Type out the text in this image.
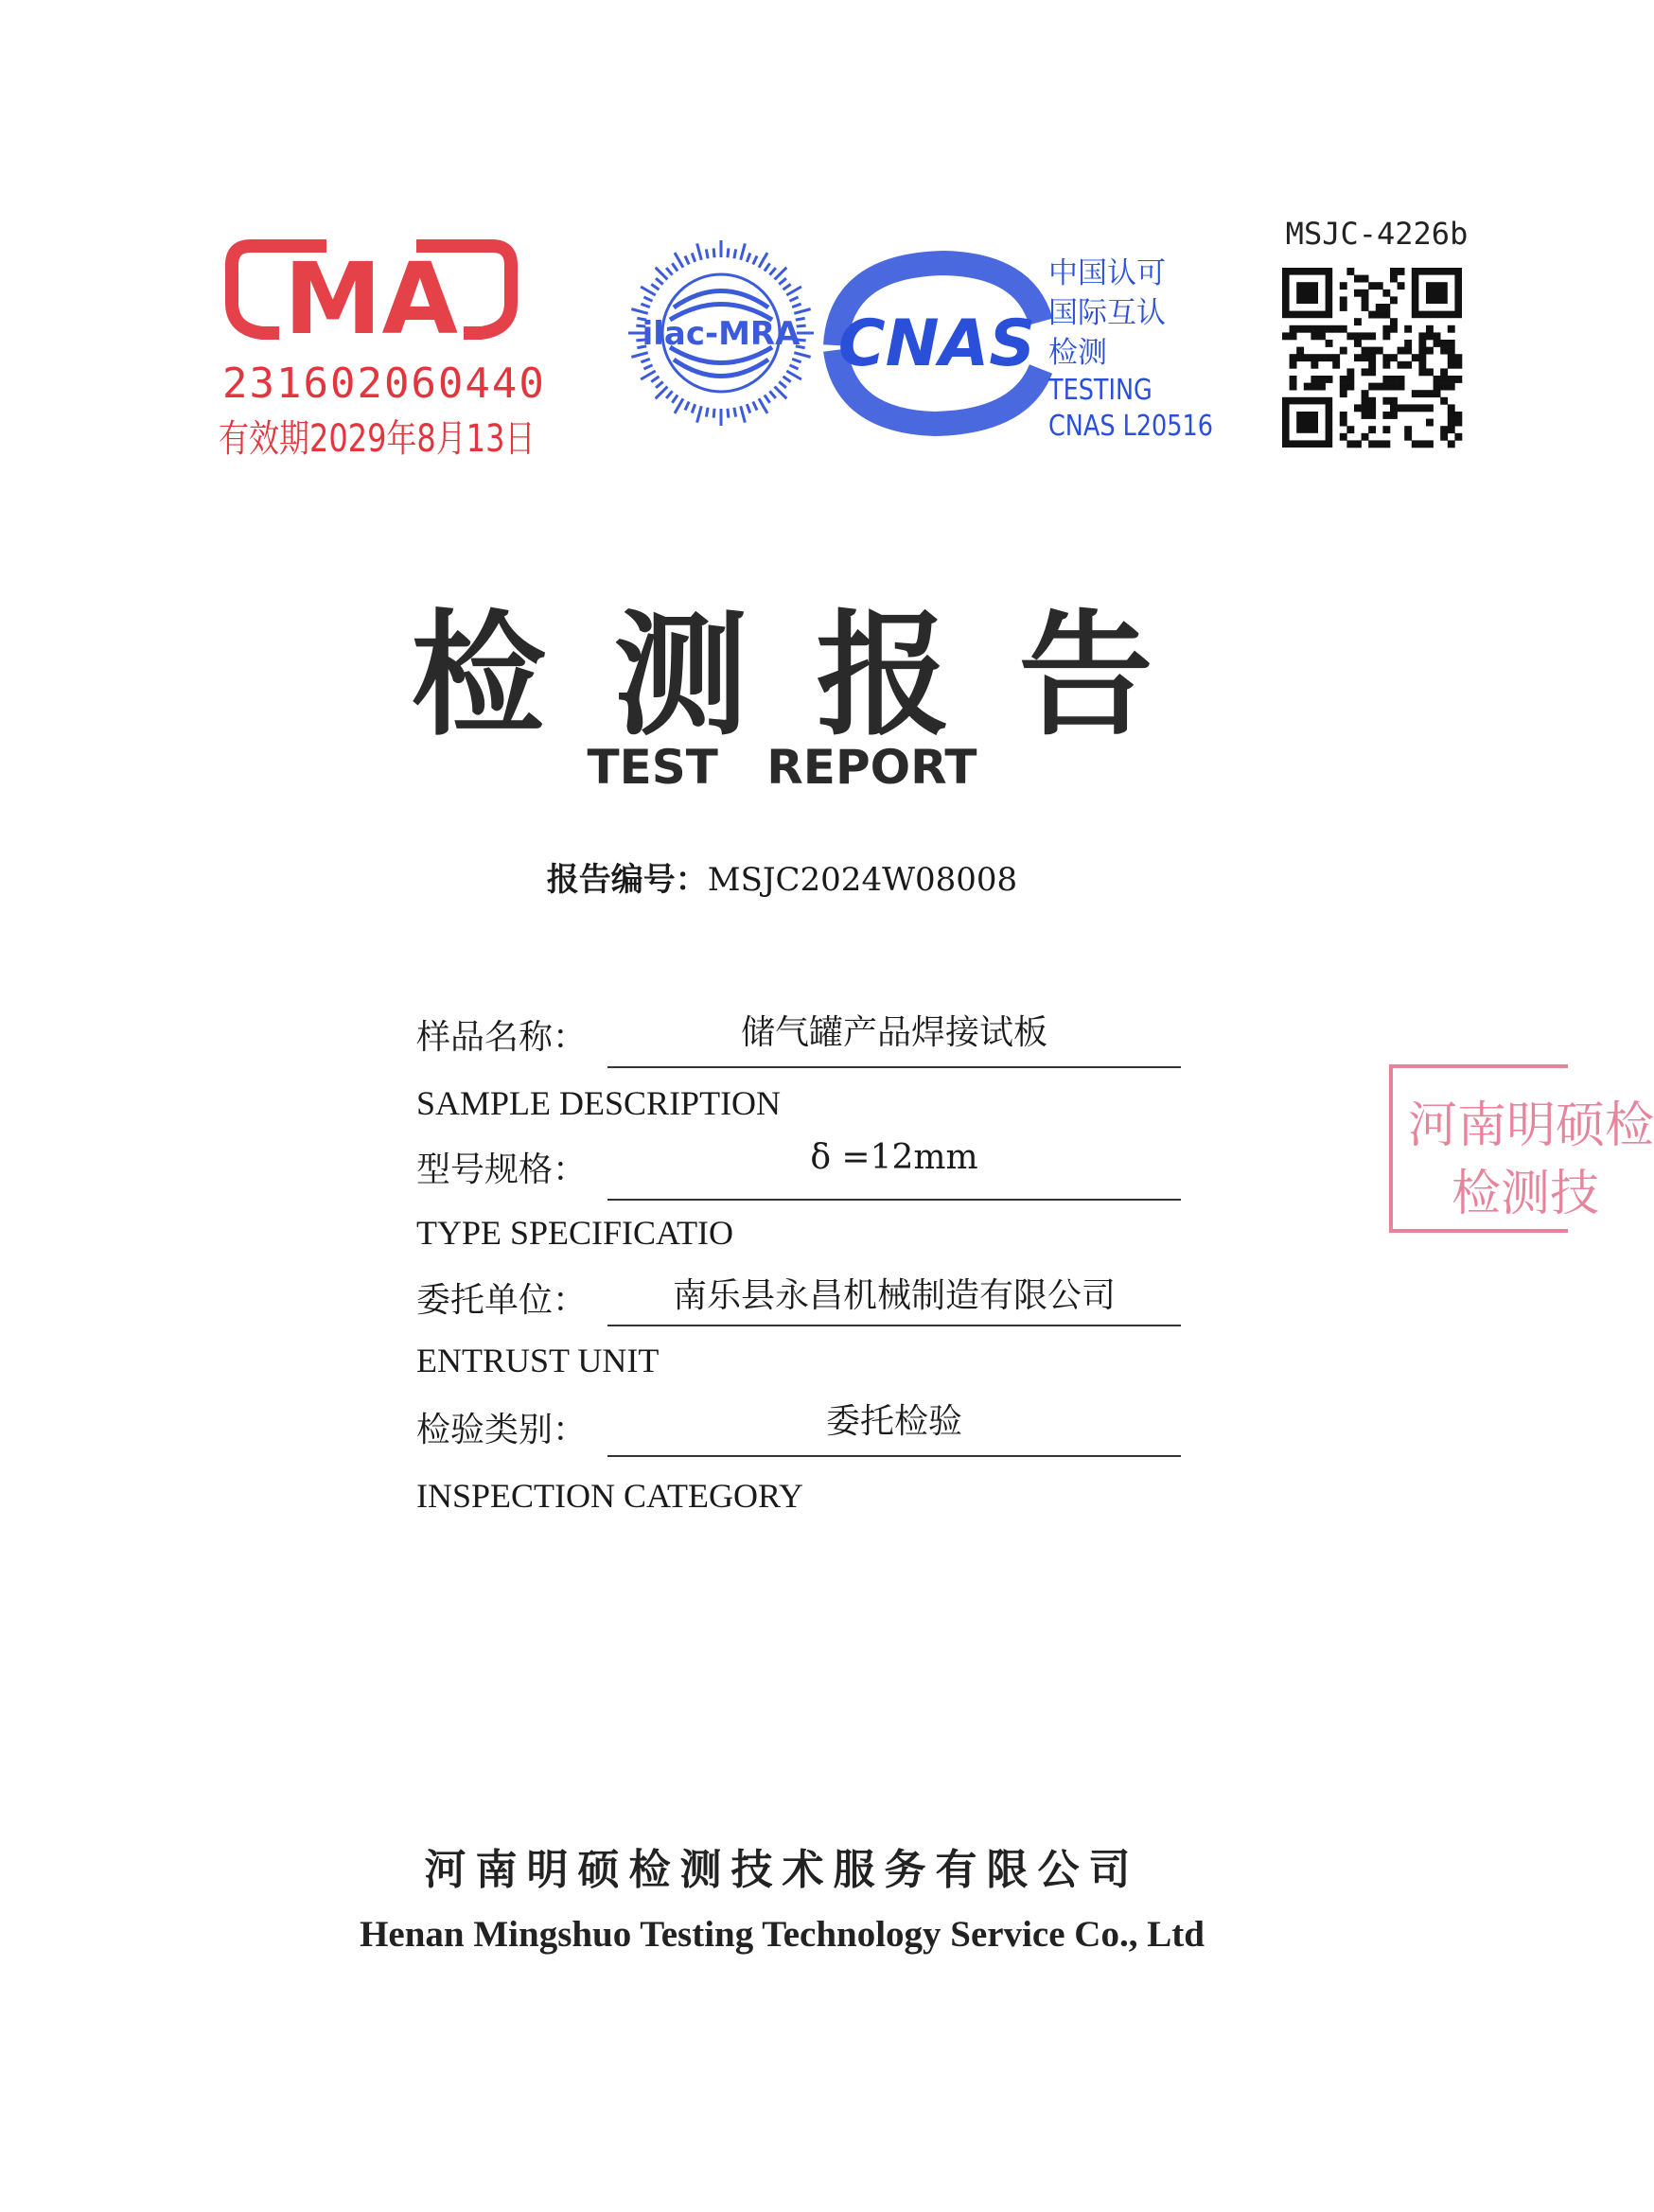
MA
231602060440
有效期2029年8月13日
ilac-MRA CNAS
中国认可
国际互认
检测
TESTING
CNAS L20516
MSJC-4226b
检测报告
TEST REPORT
报告编号：MSJC2024W08008
样品名称：	储气罐产品焊接试板
SAMPLE DESCRIPTION
型号规格：	δ =12mm
TYPE SPECIFICATIO
委托单位：	南乐县永昌机械制造有限公司
ENTRUST UNIT
检验类别：	委托检验
INSPECTION CATEGORY
河南明硕检
检测技
河南明硕检测技术服务有限公司
Henan Mingshuo Testing Technology Service Co., Ltd
